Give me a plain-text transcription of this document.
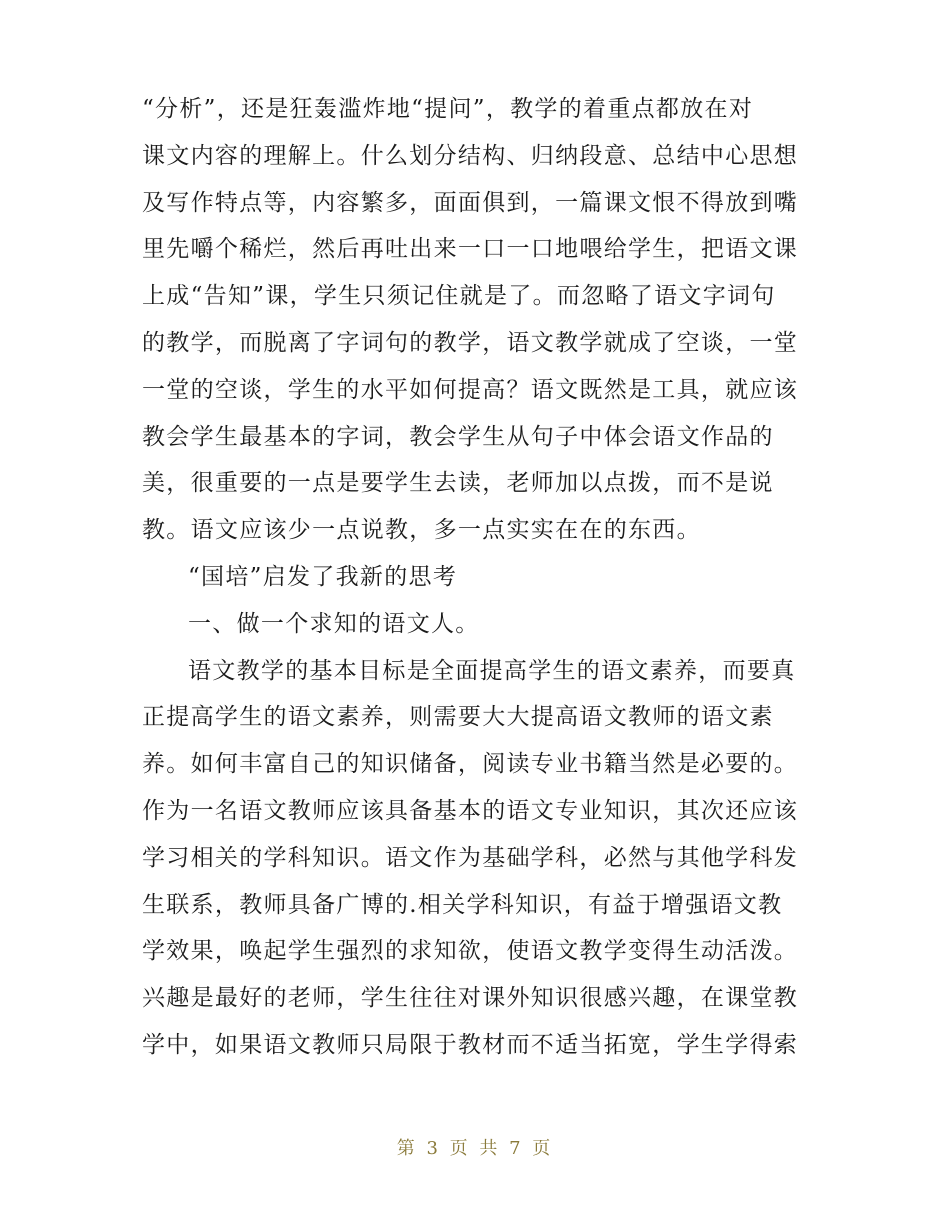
“分析”，还是狂轰滥炸地“提问”，教学的着重点都放在对
课文内容的理解上。什么划分结构、归纳段意、总结中心思想
及写作特点等，内容繁多，面面俱到，一篇课文恨不得放到嘴
里先嚼个稀烂，然后再吐出来一口一口地喂给学生，把语文课
上成“告知”课，学生只须记住就是了。而忽略了语文字词句
的教学，而脱离了字词句的教学，语文教学就成了空谈，一堂
一堂的空谈，学生的水平如何提高？语文既然是工具，就应该
教会学生最基本的字词，教会学生从句子中体会语文作品的
美，很重要的一点是要学生去读，老师加以点拨，而不是说
教。语文应该少一点说教，多一点实实在在的东西。
“国培”启发了我新的思考
一、做一个求知的语文人。
语文教学的基本目标是全面提高学生的语文素养，而要真
正提高学生的语文素养，则需要大大提高语文教师的语文素
养。如何丰富自己的知识储备，阅读专业书籍当然是必要的。
作为一名语文教师应该具备基本的语文专业知识，其次还应该
学习相关的学科知识。语文作为基础学科，必然与其他学科发
生联系，教师具备广博的.相关学科知识，有益于增强语文教
学效果，唤起学生强烈的求知欲，使语文教学变得生动活泼。
兴趣是最好的老师，学生往往对课外知识很感兴趣，在课堂教
学中，如果语文教师只局限于教材而不适当拓宽，学生学得索
第 3 页 共 7 页
